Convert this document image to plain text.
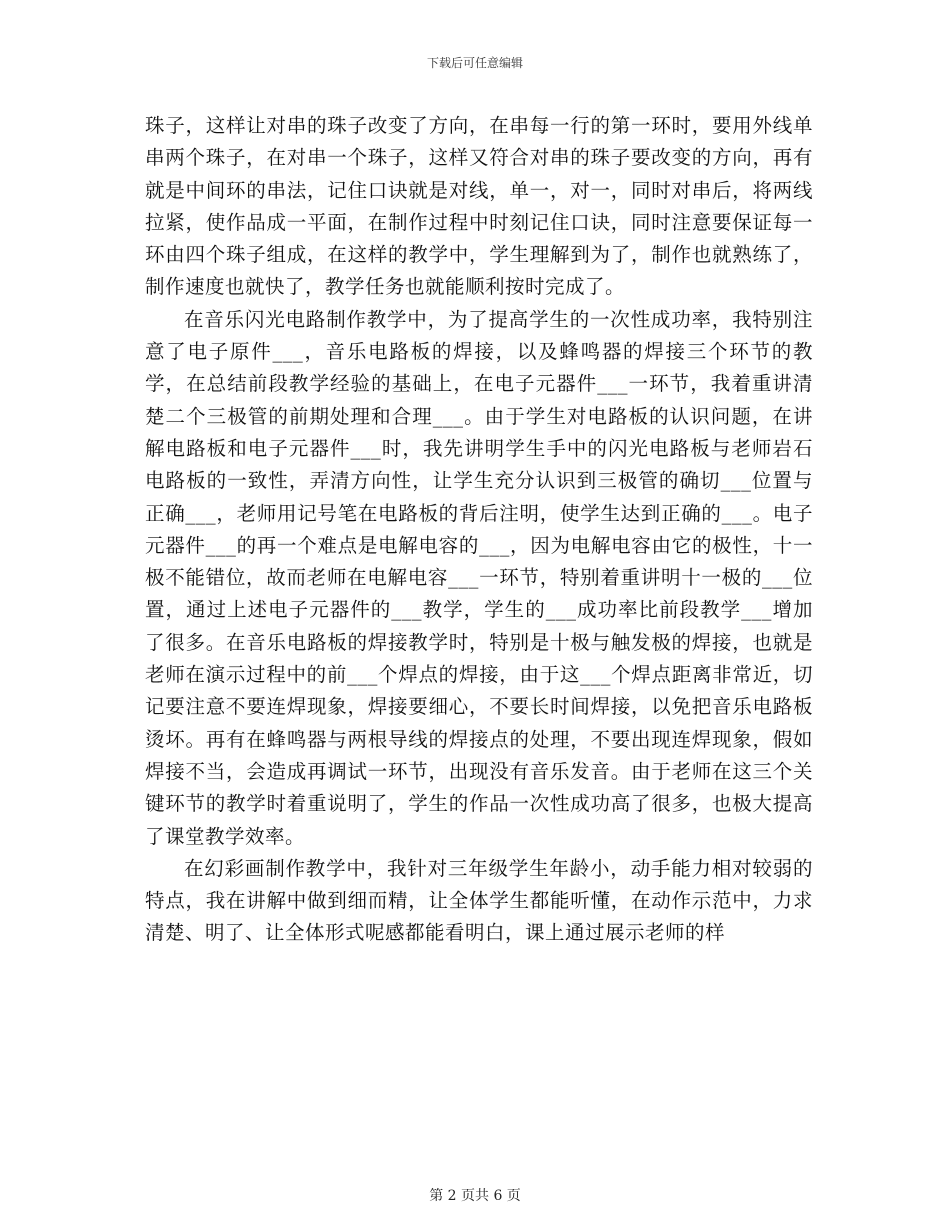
下载后可任意编辑

珠子，这样让对串的珠子改变了方向，在串每一行的第一环时，要用外线单串两个珠子，在对串一个珠子，这样又符合对串的珠子要改变的方向，再有就是中间环的串法，记住口诀就是对线，单一，对一，同时对串后，将两线拉紧，使作品成一平面，在制作过程中时刻记住口诀，同时注意要保证每一环由四个珠子组成，在这样的教学中，学生理解到为了，制作也就熟练了，制作速度也就快了，教学任务也就能顺利按时完成了。

在音乐闪光电路制作教学中，为了提高学生的一次性成功率，我特别注意了电子原件___，音乐电路板的焊接，以及蜂鸣器的焊接三个环节的教学，在总结前段教学经验的基础上，在电子元器件___一环节，我着重讲清楚二个三极管的前期处理和合理___。由于学生对电路板的认识问题，在讲解电路板和电子元器件___时，我先讲明学生手中的闪光电路板与老师岩石电路板的一致性，弄清方向性，让学生充分认识到三极管的确切___位置与正确___，老师用记号笔在电路板的背后注明，使学生达到正确的___。电子元器件___的再一个难点是电解电容的___，因为电解电容由它的极性，十一极不能错位，故而老师在电解电容___一环节，特别着重讲明十一极的___位置，通过上述电子元器件的___教学，学生的___成功率比前段教学___增加了很多。在音乐电路板的焊接教学时，特别是十极与触发极的焊接，也就是老师在演示过程中的前___个焊点的焊接，由于这___个焊点距离非常近，切记要注意不要连焊现象，焊接要细心，不要长时间焊接，以免把音乐电路板烫坏。再有在蜂鸣器与两根导线的焊接点的处理，不要出现连焊现象，假如焊接不当，会造成再调试一环节，出现没有音乐发音。由于老师在这三个关键环节的教学时着重说明了，学生的作品一次性成功高了很多，也极大提高了课堂教学效率。

在幻彩画制作教学中，我针对三年级学生年龄小，动手能力相对较弱的特点，我在讲解中做到细而精，让全体学生都能听懂，在动作示范中，力求清楚、明了、让全体形式呢感都能看明白，课上通过展示老师的样

第 2 页共 6 页
